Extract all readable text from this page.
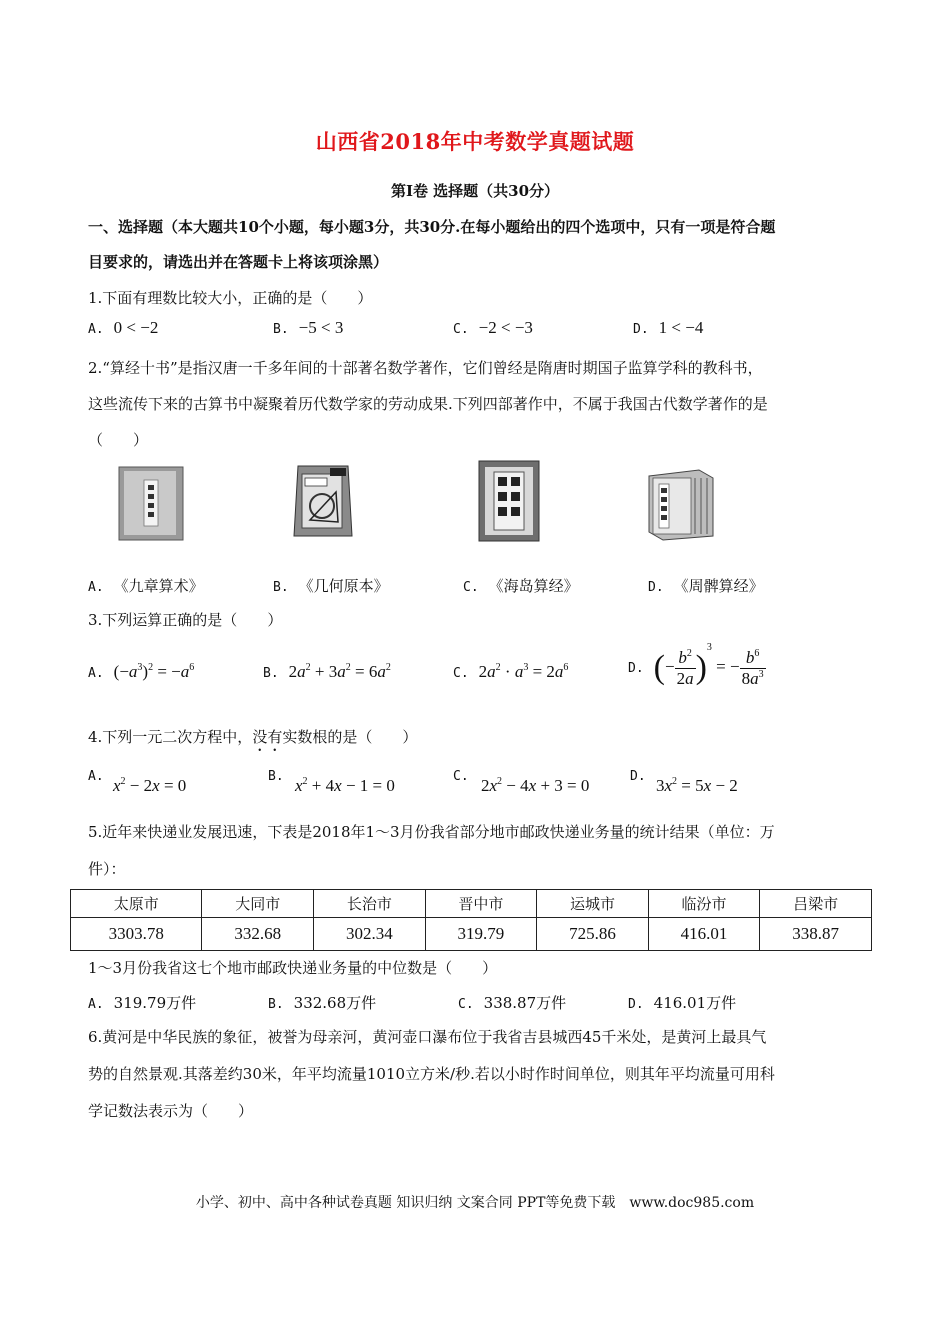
山西省2018年中考数学真题试题
第Ⅰ卷 选择题（共30分）
一、选择题（本大题共10个小题，每小题3分，共30分.在每小题给出的四个选项中，只有一项是符合题
目要求的，请选出并在答题卡上将该项涂黑）
1.下面有理数比较大小，正确的是（　　）
A. 0 < −2	B. −5 < 3	C. −2 < −3	D. 1 < −4
2.“算经十书”是指汉唐一千多年间的十部著名数学著作，它们曾经是隋唐时期国子监算学科的教科书，
这些流传下来的古算书中凝聚着历代数学家的劳动成果.下列四部著作中，不属于我国古代数学著作的是
（　　）
A. 《九章算术》	B. 《几何原本》	C. 《海岛算经》	D. 《周髀算经》
3.下列运算正确的是（　　）
A. $(-a^3)^2 = -a^6$	B. $2a^2 + 3a^2 = 6a^2$	C. $2a^2 \cdot a^3 = 2a^6$	D. (− $\frac{b^2}{2a} )^3$ = − $\frac{b^6}{8a^3}$
4.下列一元二次方程中，没有实数根的是（　　）
A. $x^2 - 2x = 0$	B. $x^2 + 4x - 1 = 0$	C. $2x^2 - 4x + 3 = 0$	D. $3x^2 = 5x - 2$
5.近年来快递业发展迅速，下表是2018年1～3月份我省部分地市邮政快递业务量的统计结果（单位：万
件）：
太原市	大同市	长治市	晋中市	运城市	临汾市	吕梁市
3303.78	332.68	302.34	319.79	725.86	416.01	338.87
1～3月份我省这七个地市邮政快递业务量的中位数是（　　）
A. 319.79万件	B. 332.68万件	C. 338.87万件	D. 416.01万件
6.黄河是中华民族的象征，被誉为母亲河，黄河壶口瀑布位于我省吉县城西45千米处，是黄河上最具气
势的自然景观.其落差约30米，年平均流量1010立方米/秒.若以小时作时间单位，则其年平均流量可用科
学记数法表示为（　　）
小学、初中、高中各种试卷真题 知识归纳 文案合同 PPT等免费下载　www.doc985.com
